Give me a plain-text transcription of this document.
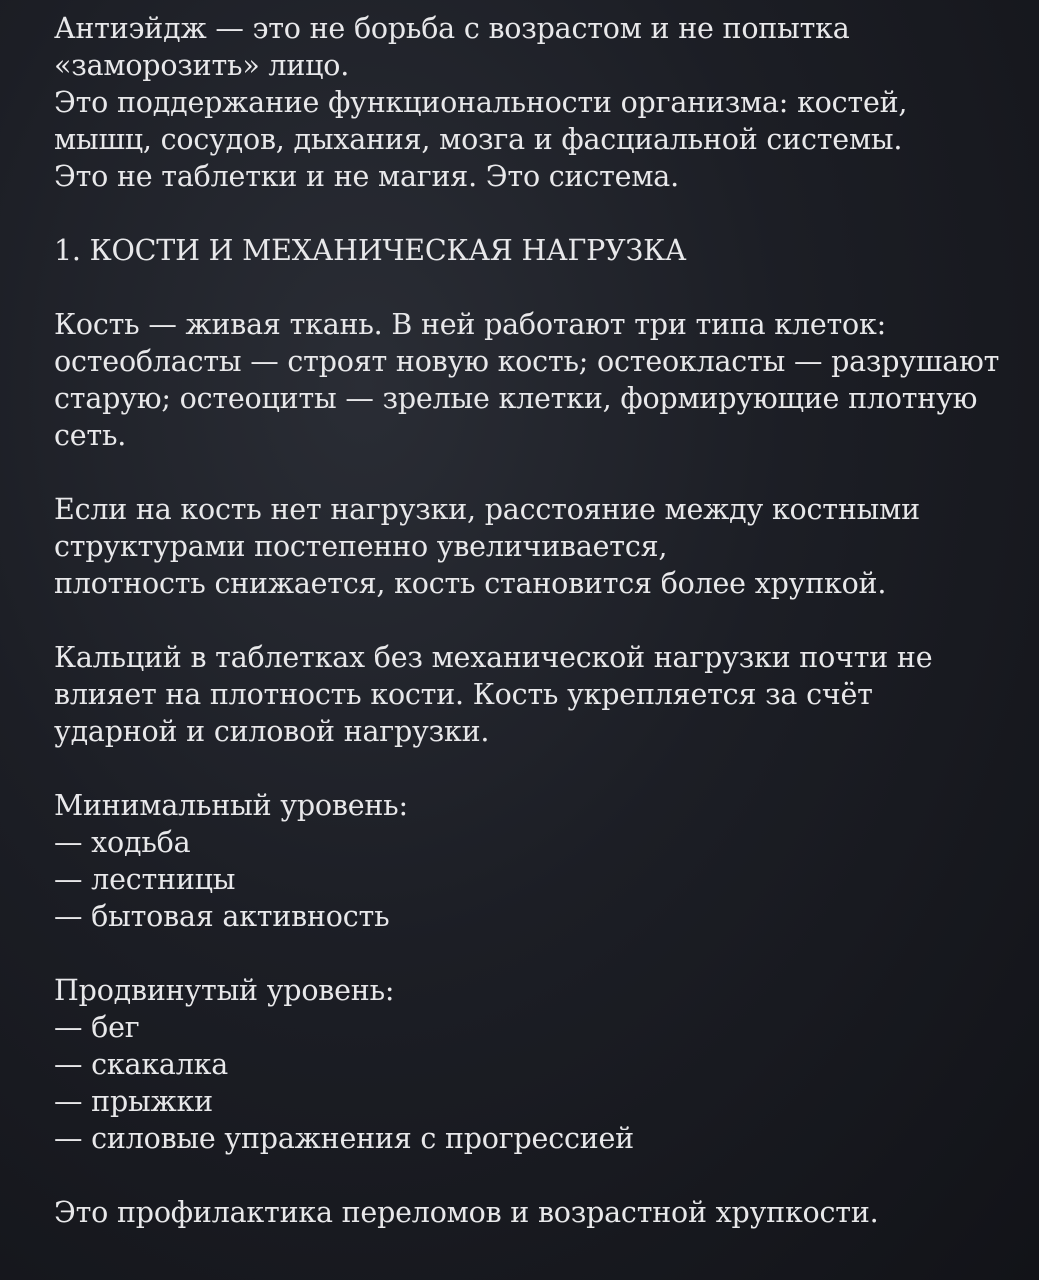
Антиэйдж — это не борьба с возрастом и не попытка
«заморозить» лицо.
Это поддержание функциональности организма: костей,
мышц, сосудов, дыхания, мозга и фасциальной системы.
Это не таблетки и не магия. Это система.
1. КОСТИ И МЕХАНИЧЕСКАЯ НАГРУЗКА
Кость — живая ткань. В ней работают три типа клеток:
остеобласты — строят новую кость; остеокласты — разрушают
старую; остеоциты — зрелые клетки, формирующие плотную
сеть.
Если на кость нет нагрузки, расстояние между костными
структурами постепенно увеличивается,
плотность снижается, кость становится более хрупкой.
Кальций в таблетках без механической нагрузки почти не
влияет на плотность кости. Кость укрепляется за счёт
ударной и силовой нагрузки.
Минимальный уровень:
— ходьба
— лестницы
— бытовая активность
Продвинутый уровень:
— бег
— скакалка
— прыжки
— силовые упражнения с прогрессией
Это профилактика переломов и возрастной хрупкости.
